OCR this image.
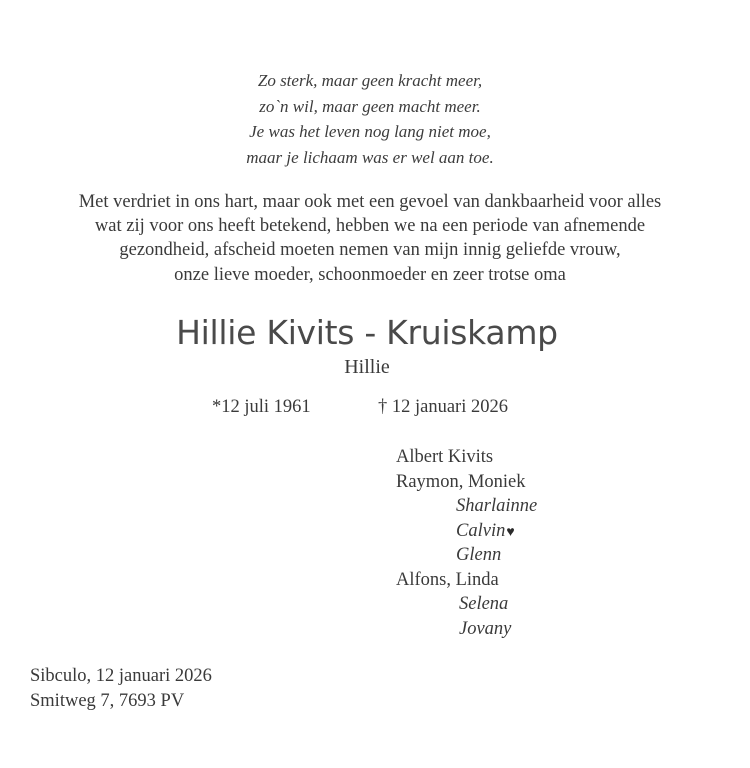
Zo sterk, maar geen kracht meer,
zo`n wil, maar geen macht meer.
Je was het leven nog lang niet moe,
maar je lichaam was er wel aan toe.
Met verdriet in ons hart, maar ook met een gevoel van dankbaarheid voor alles
wat zij voor ons heeft betekend, hebben we na een periode van afnemende
gezondheid, afscheid moeten nemen van mijn innig geliefde vrouw,
onze lieve moeder, schoonmoeder en zeer trotse oma
Hillie Kivits - Kruiskamp
Hillie
*12 juli 1961	† 12 januari 2026
Albert Kivits
Raymon, Moniek
Sharlainne
Calvin♥
Glenn
Alfons, Linda
Selena
Jovany
Sibculo, 12 januari 2026
Smitweg 7, 7693 PV
